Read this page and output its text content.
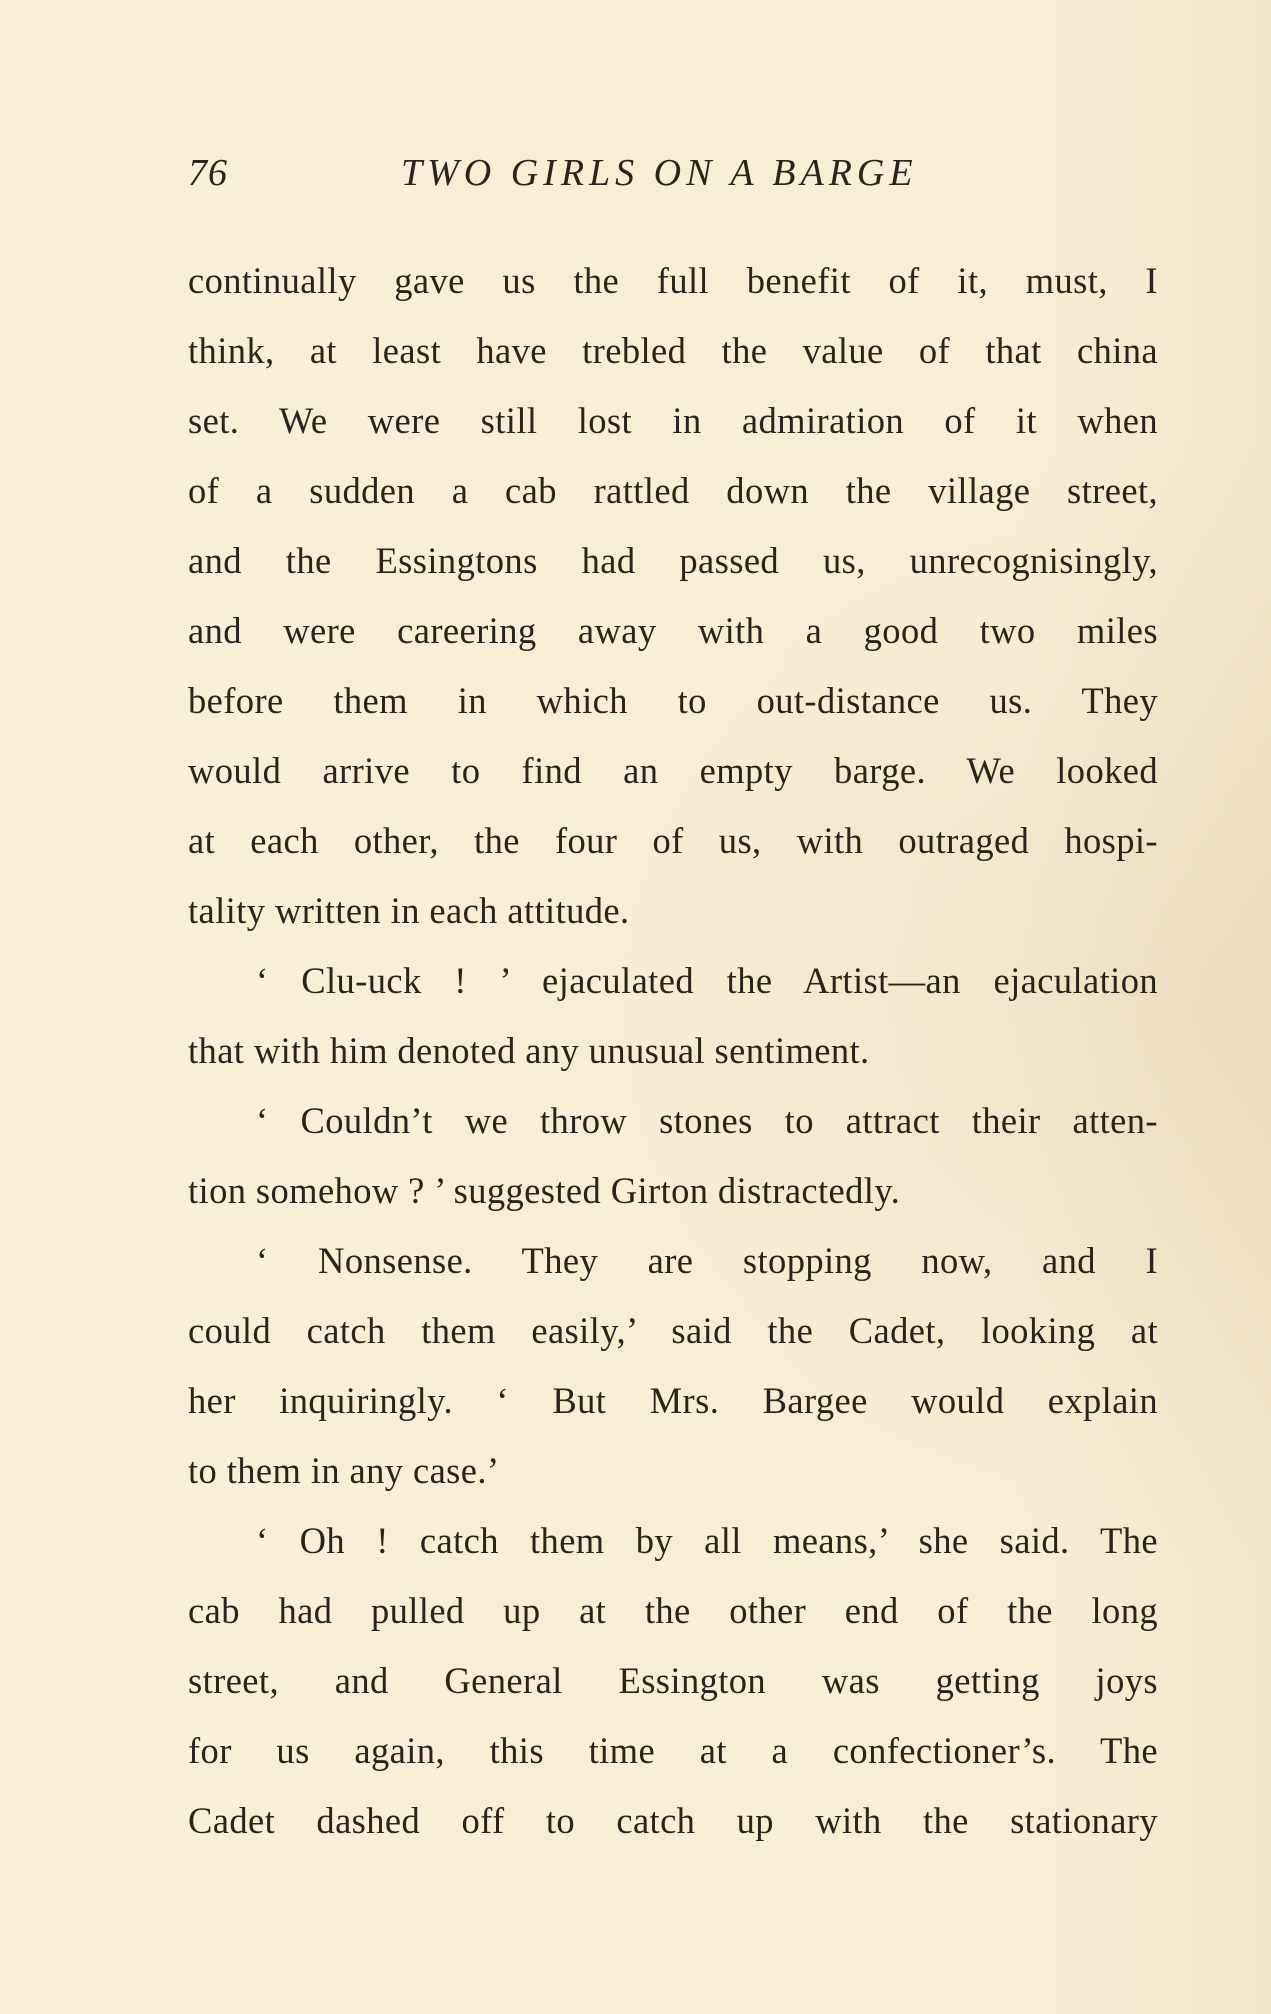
76	TWO GIRLS ON A BARGE
continually gave us the full benefit of it, must, I
think, at least have trebled the value of that china
set. We were still lost in admiration of it when
of a sudden a cab rattled down the village street,
and the Essingtons had passed us, unrecognisingly,
and were careering away with a good two miles
before them in which to out-distance us. They
would arrive to find an empty barge. We looked
at each other, the four of us, with outraged hospi-
tality written in each attitude.
‘ Clu-uck ! ’ ejaculated the Artist—an ejaculation
that with him denoted any unusual sentiment.
‘ Couldn’t we throw stones to attract their atten-
tion somehow ? ’ suggested Girton distractedly.
‘ Nonsense. They are stopping now, and I
could catch them easily,’ said the Cadet, looking at
her inquiringly. ‘ But Mrs. Bargee would explain
to them in any case.’
‘ Oh ! catch them by all means,’ she said. The
cab had pulled up at the other end of the long
street, and General Essington was getting joys
for us again, this time at a confectioner’s. The
Cadet dashed off to catch up with the stationary
